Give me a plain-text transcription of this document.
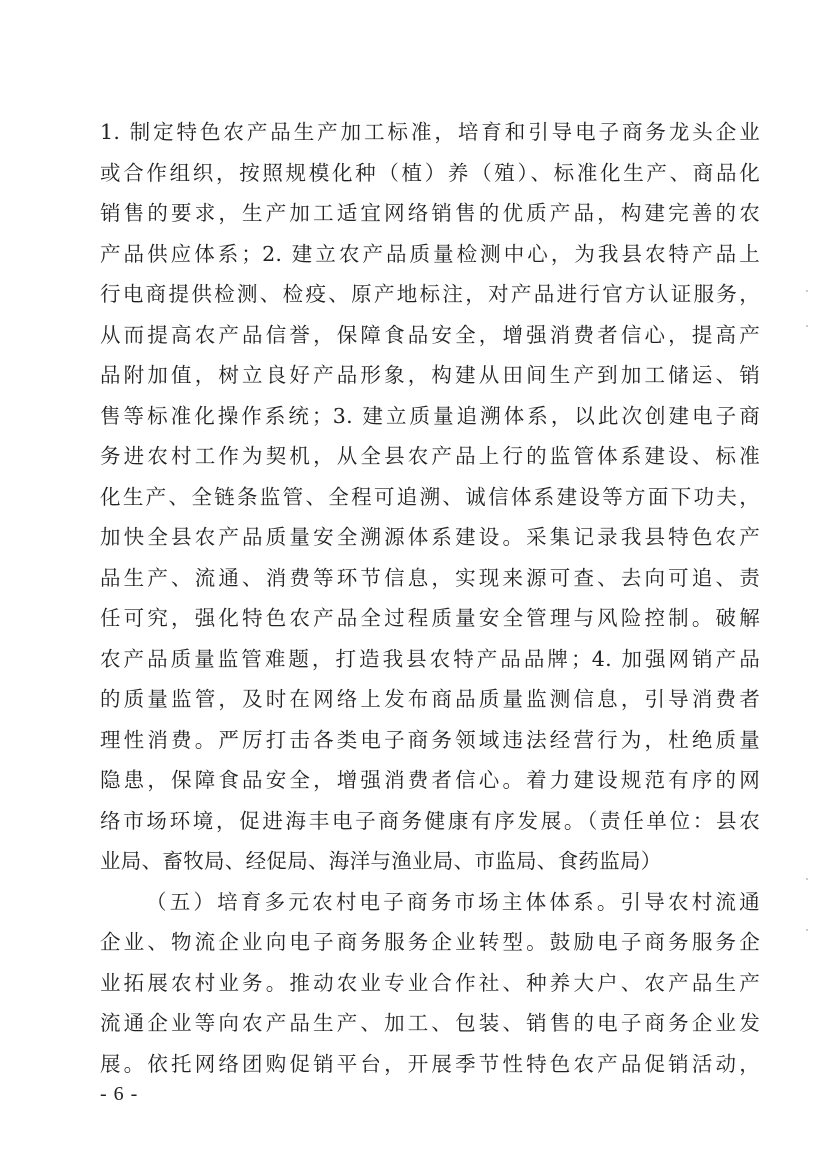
1. 制定特色农产品生产加工标准，培育和引导电子商务龙头企业
或合作组织，按照规模化种（植）养（殖）、标准化生产、商品化
销售的要求，生产加工适宜网络销售的优质产品，构建完善的农
产品供应体系；2. 建立农产品质量检测中心，为我县农特产品上
行电商提供检测、检疫、原产地标注，对产品进行官方认证服务，
从而提高农产品信誉，保障食品安全，增强消费者信心，提高产
品附加值，树立良好产品形象，构建从田间生产到加工储运、销
售等标准化操作系统；3. 建立质量追溯体系，以此次创建电子商
务进农村工作为契机，从全县农产品上行的监管体系建设、标准
化生产、全链条监管、全程可追溯、诚信体系建设等方面下功夫，
加快全县农产品质量安全溯源体系建设。采集记录我县特色农产
品生产、流通、消费等环节信息，实现来源可查、去向可追、责
任可究，强化特色农产品全过程质量安全管理与风险控制。破解
农产品质量监管难题，打造我县农特产品品牌；4. 加强网销产品
的质量监管，及时在网络上发布商品质量监测信息，引导消费者
理性消费。严厉打击各类电子商务领域违法经营行为，杜绝质量
隐患，保障食品安全，增强消费者信心。着力建设规范有序的网
络市场环境，促进海丰电子商务健康有序发展。（责任单位：县农
业局、畜牧局、经促局、海洋与渔业局、市监局、食药监局）
（五）培育多元农村电子商务市场主体体系。引导农村流通
企业、物流企业向电子商务服务企业转型。鼓励电子商务服务企
业拓展农村业务。推动农业专业合作社、种养大户、农产品生产
流通企业等向农产品生产、加工、包装、销售的电子商务企业发
展。依托网络团购促销平台，开展季节性特色农产品促销活动，
- 6 -
